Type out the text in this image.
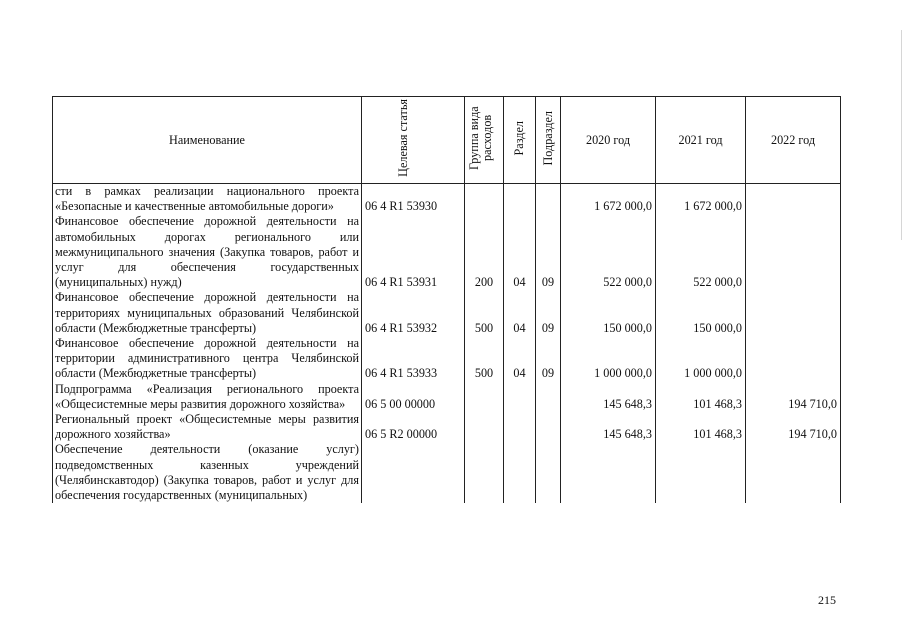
Наименование	Целевая статья	Группа вида расходов	Раздел	Подраздел	2020 год	2021 год	2022 год
сти в рамках реализации национального проекта «Безопасные и качественные автомобильные дороги»	06 4 R1 53930				1 672 000,0	1 672 000,0	
Финансовое обеспечение дорожной деятельности на автомобильных дорогах регионального или межмуниципального значения (Закупка товаров, работ и услуг для обеспечения государственных (муниципальных) нужд)	06 4 R1 53931	200	04	09	522 000,0	522 000,0	
Финансовое обеспечение дорожной деятельности на территориях муниципальных образований Челябинской области (Межбюджетные трансферты)	06 4 R1 53932	500	04	09	150 000,0	150 000,0	
Финансовое обеспечение дорожной деятельности на территории административного центра Челябинской области (Межбюджетные трансферты)	06 4 R1 53933	500	04	09	1 000 000,0	1 000 000,0	
Подпрограмма «Реализация регионального проекта «Общесистемные меры развития дорожного хозяйства»	06 5 00 00000				145 648,3	101 468,3	194 710,0
Региональный проект «Общесистемные меры развития дорожного хозяйства»	06 5 R2 00000				145 648,3	101 468,3	194 710,0
Обеспечение деятельности (оказание услуг) подведомственных казенных учреждений (Челябинскавтодор) (Закупка товаров, работ и услуг для обеспечения государственных (муниципальных)							
215
